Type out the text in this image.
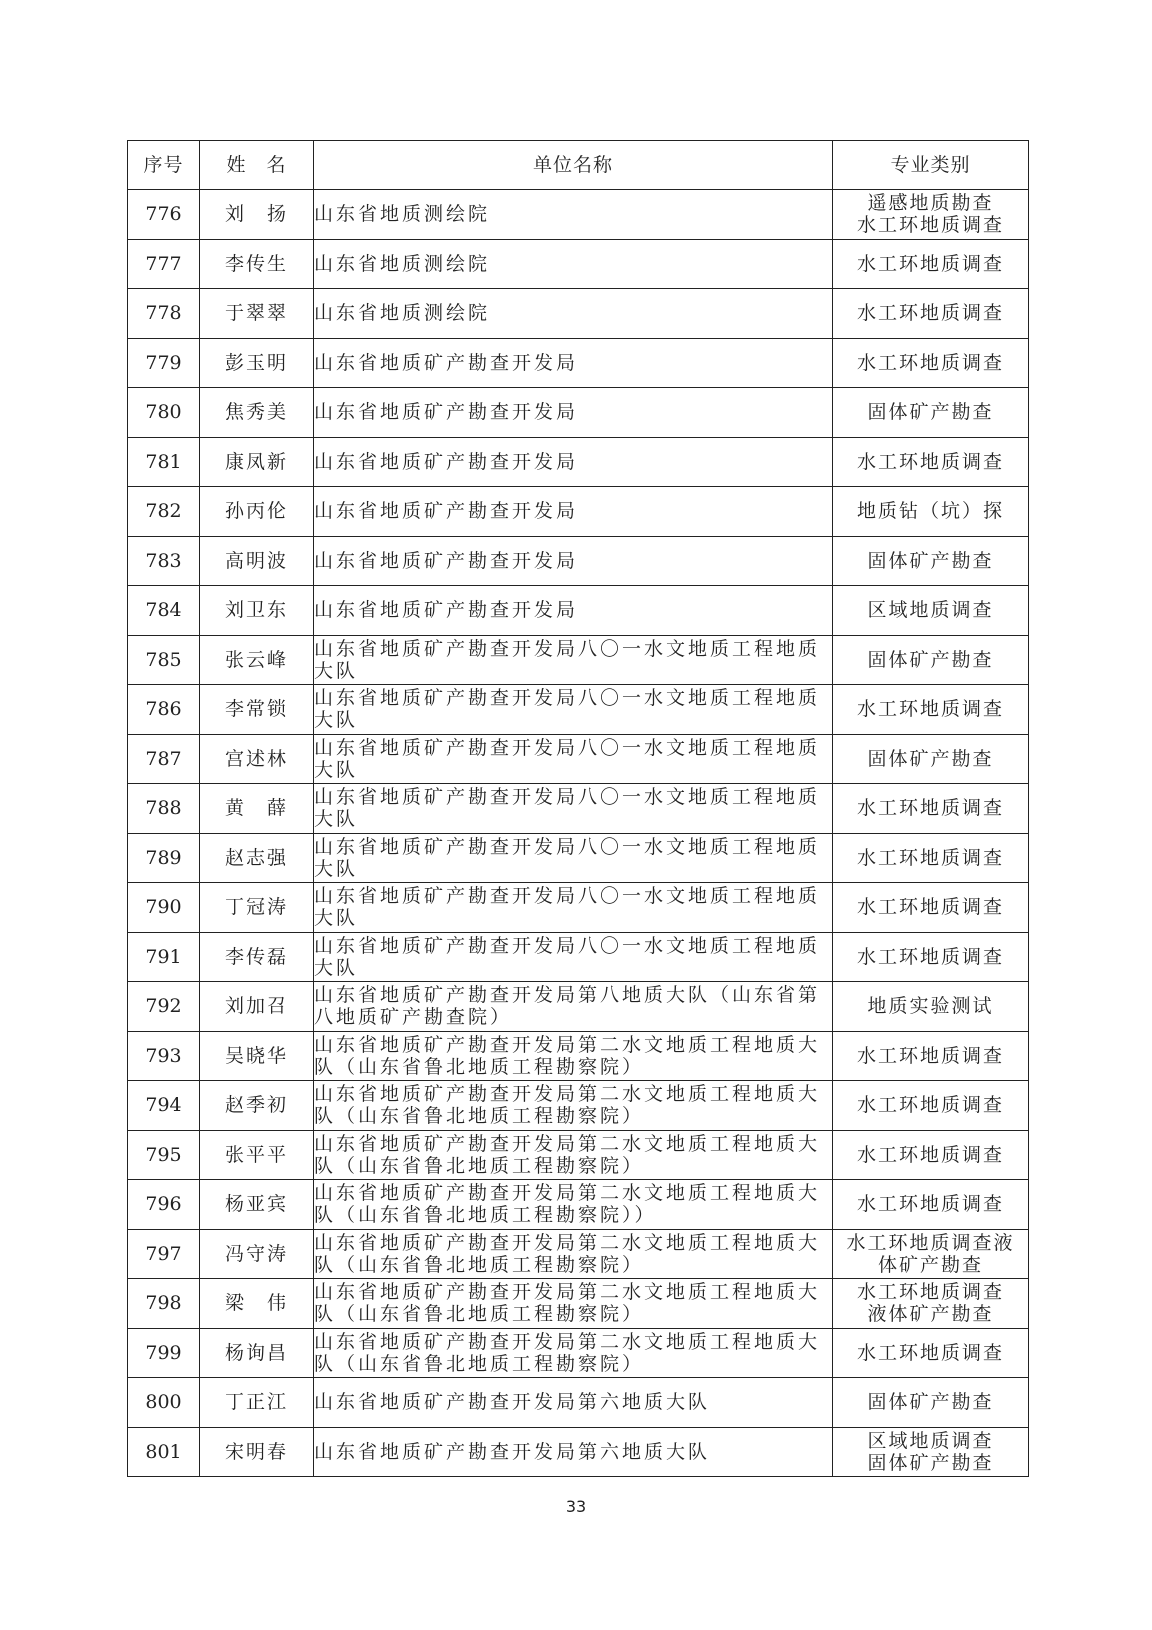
序号	姓　名	单位名称	专业类别
776	刘　扬	山东省地质测绘院	遥感地质勘查
水工环地质调查

777	李传生	山东省地质测绘院	水工环地质调查

778	于翠翠	山东省地质测绘院	水工环地质调查

779	彭玉明	山东省地质矿产勘查开发局	水工环地质调查

780	焦秀美	山东省地质矿产勘查开发局	固体矿产勘查

781	康凤新	山东省地质矿产勘查开发局	水工环地质调查

782	孙丙伦	山东省地质矿产勘查开发局	地质钻（坑）探

783	高明波	山东省地质矿产勘查开发局	固体矿产勘查

784	刘卫东	山东省地质矿产勘查开发局	区域地质调查

785	张云峰	山东省地质矿产勘查开发局八〇一水文地质工程地质大队	固体矿产勘查

786	李常锁	山东省地质矿产勘查开发局八〇一水文地质工程地质大队	水工环地质调查

787	宫述林	山东省地质矿产勘查开发局八〇一水文地质工程地质大队	固体矿产勘查

788	黄　薛	山东省地质矿产勘查开发局八〇一水文地质工程地质大队	水工环地质调查

789	赵志强	山东省地质矿产勘查开发局八〇一水文地质工程地质大队	水工环地质调查

790	丁冠涛	山东省地质矿产勘查开发局八〇一水文地质工程地质大队	水工环地质调查

791	李传磊	山东省地质矿产勘查开发局八〇一水文地质工程地质大队	水工环地质调查

792	刘加召	山东省地质矿产勘查开发局第八地质大队（山东省第八地质矿产勘查院）	地质实验测试

793	吴晓华	山东省地质矿产勘查开发局第二水文地质工程地质大队（山东省鲁北地质工程勘察院）	水工环地质调查

794	赵季初	山东省地质矿产勘查开发局第二水文地质工程地质大队（山东省鲁北地质工程勘察院）	水工环地质调查

795	张平平	山东省地质矿产勘查开发局第二水文地质工程地质大队（山东省鲁北地质工程勘察院）	水工环地质调查

796	杨亚宾	山东省地质矿产勘查开发局第二水文地质工程地质大队（山东省鲁北地质工程勘察院））	水工环地质调查

797	冯守涛	山东省地质矿产勘查开发局第二水文地质工程地质大队（山东省鲁北地质工程勘察院）	水工环地质调查液
体矿产勘查

798	梁　伟	山东省地质矿产勘查开发局第二水文地质工程地质大队（山东省鲁北地质工程勘察院）	水工环地质调查
液体矿产勘查

799	杨询昌	山东省地质矿产勘查开发局第二水文地质工程地质大队（山东省鲁北地质工程勘察院）	水工环地质调查

800	丁正江	山东省地质矿产勘查开发局第六地质大队	固体矿产勘查

801	宋明春	山东省地质矿产勘查开发局第六地质大队	区域地质调查
固体矿产勘查
33
